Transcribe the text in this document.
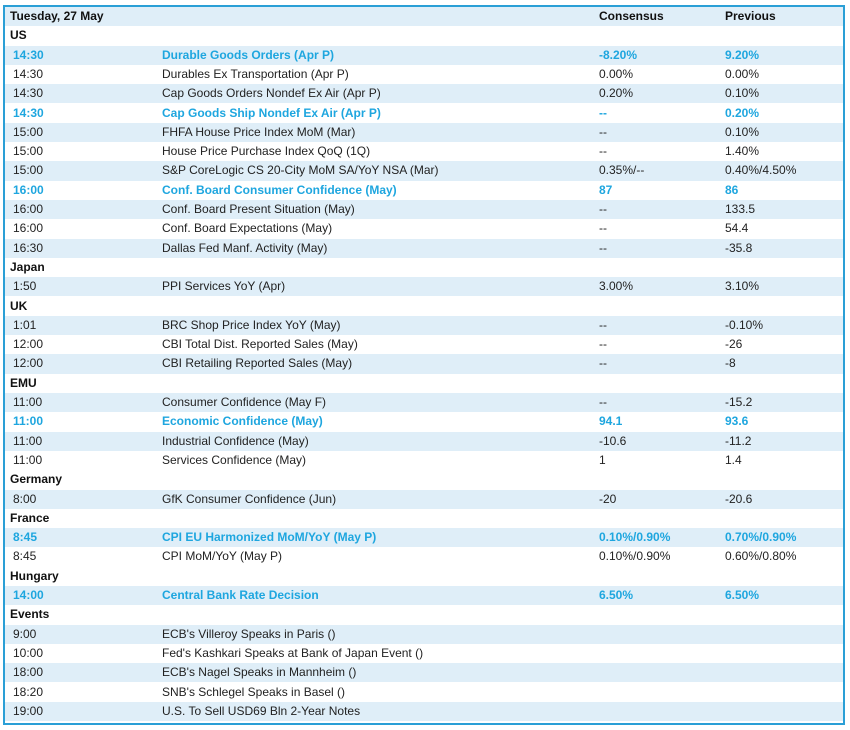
Tuesday, 27 May	Consensus	Previous
US
14:30	Durable Goods Orders (Apr P)	-8.20%	9.20%
14:30	Durables Ex Transportation (Apr P)	0.00%	0.00%
14:30	Cap Goods Orders Nondef Ex Air (Apr P)	0.20%	0.10%
14:30	Cap Goods Ship Nondef Ex Air (Apr P)	--	0.20%
15:00	FHFA House Price Index MoM (Mar)	--	0.10%
15:00	House Price Purchase Index QoQ (1Q)	--	1.40%
15:00	S&P CoreLogic CS 20-City MoM SA/YoY NSA (Mar)	0.35%/--	0.40%/4.50%
16:00	Conf. Board Consumer Confidence (May)	87	86
16:00	Conf. Board Present Situation (May)	--	133.5
16:00	Conf. Board Expectations (May)	--	54.4
16:30	Dallas Fed Manf. Activity (May)	--	-35.8
Japan
1:50	PPI Services YoY (Apr)	3.00%	3.10%
UK
1:01	BRC Shop Price Index YoY (May)	--	-0.10%
12:00	CBI Total Dist. Reported Sales (May)	--	-26
12:00	CBI Retailing Reported Sales (May)	--	-8
EMU
11:00	Consumer Confidence (May F)	--	-15.2
11:00	Economic Confidence (May)	94.1	93.6
11:00	Industrial Confidence (May)	-10.6	-11.2
11:00	Services Confidence (May)	1	1.4
Germany
8:00	GfK Consumer Confidence (Jun)	-20	-20.6
France
8:45	CPI EU Harmonized MoM/YoY (May P)	0.10%/0.90%	0.70%/0.90%
8:45	CPI MoM/YoY (May P)	0.10%/0.90%	0.60%/0.80%
Hungary
14:00	Central Bank Rate Decision	6.50%	6.50%
Events
9:00	ECB's Villeroy Speaks in Paris ()
10:00	Fed's Kashkari Speaks at Bank of Japan Event ()
18:00	ECB's Nagel Speaks in Mannheim ()
18:20	SNB's Schlegel Speaks in Basel ()
19:00	U.S. To Sell USD69 Bln 2-Year Notes
